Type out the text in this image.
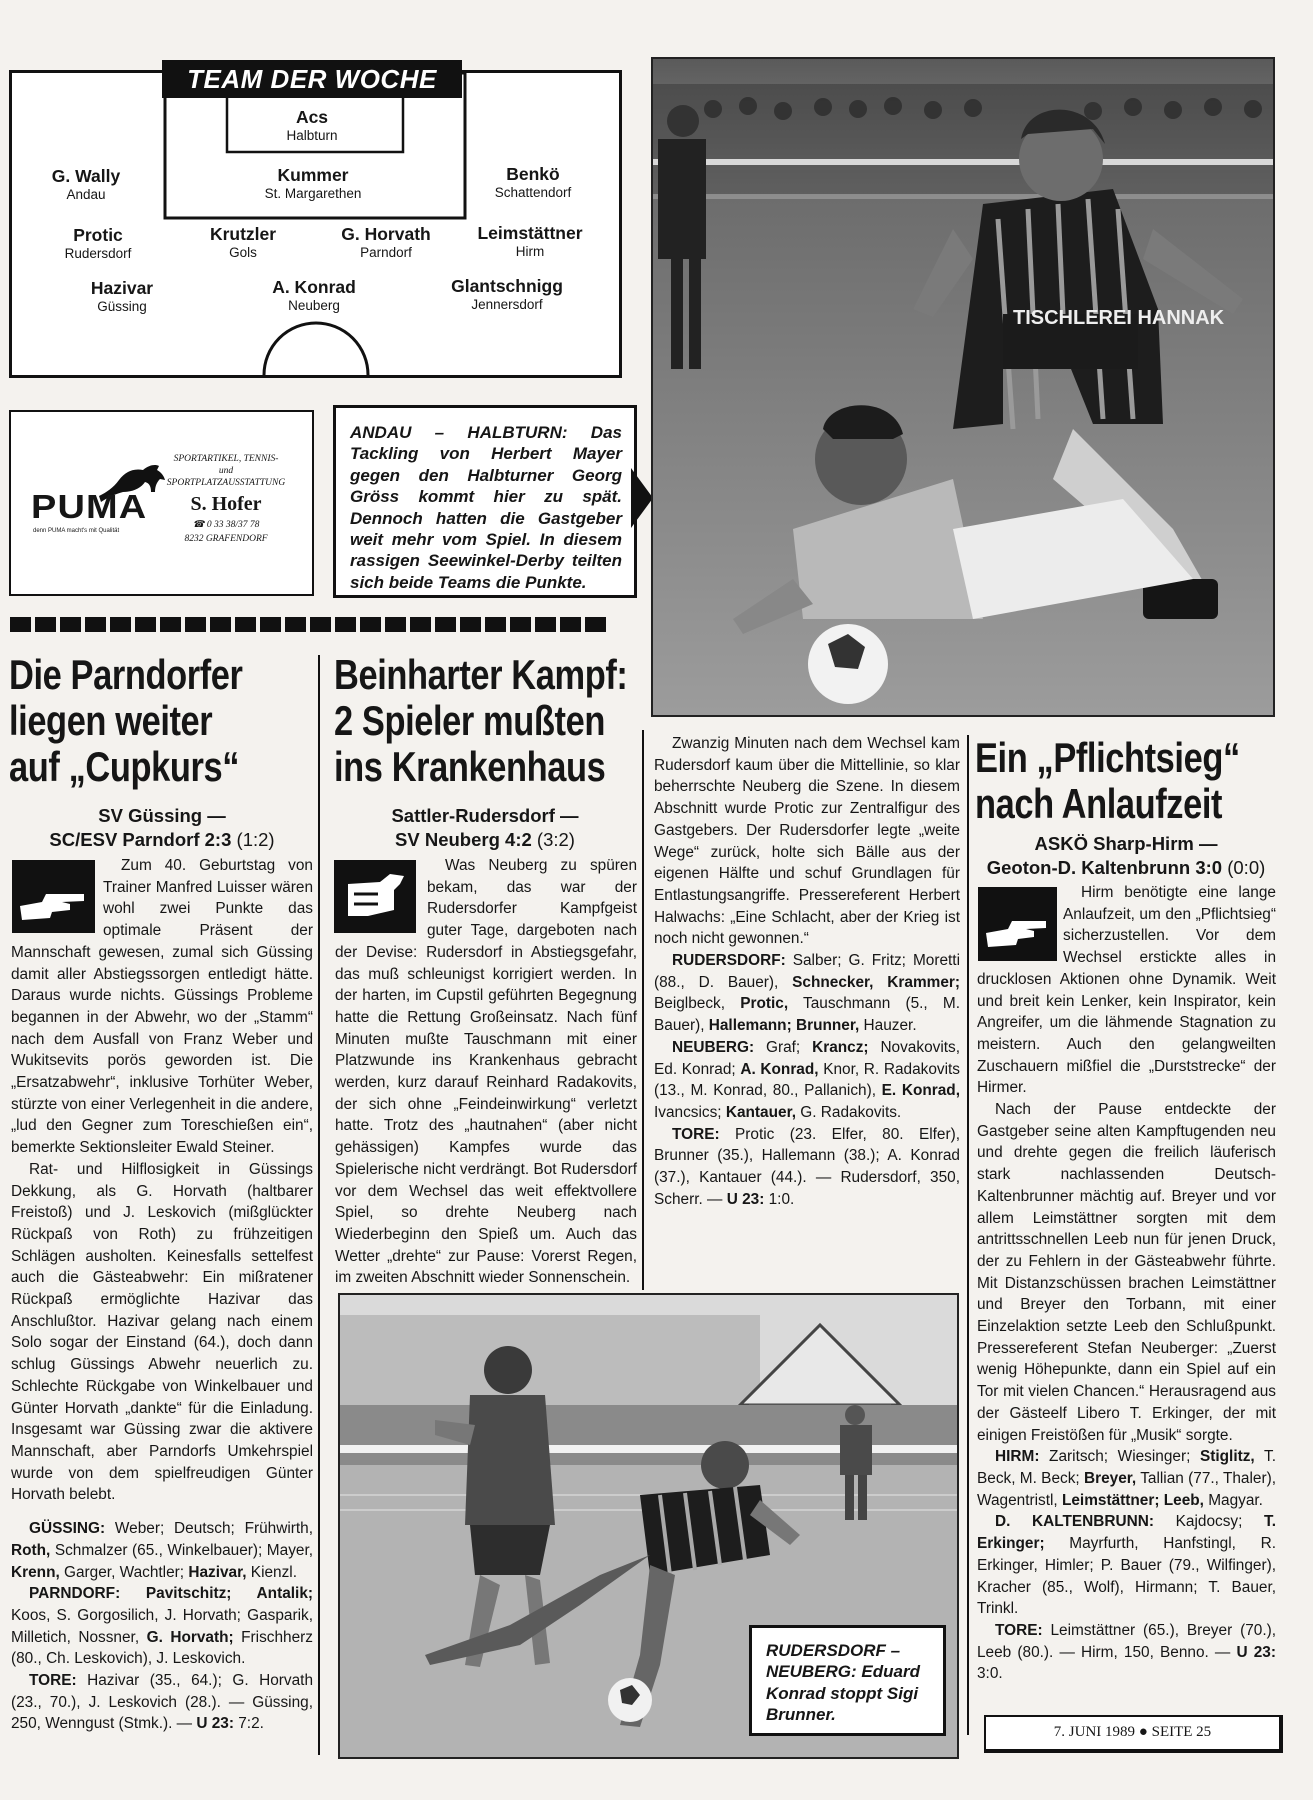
TEAM DER WOCHE
Acs
Halbturn
G. Wally
Andau
Kummer
St. Margarethen
Benkö
Schattendorf
Protic
Rudersdorf
Krutzler
Gols
G. Horvath
Parndorf
Leimstättner
Hirm
Hazivar
Güssing
A. Konrad
Neuberg
Glantschnigg
Jennersdorf
PUMA
denn PUMA macht's mit Qualität
SPORTARTIKEL, TENNIS-
und
SPORTPLATZAUSSTATTUNG
S. Hofer
☎ 0 33 38/37 78
8232 GRAFENDORF
ANDAU – HALBTURN: Das Tackling von Herbert Mayer gegen den Halbturner Georg Gröss kommt hier zu spät. Dennoch hatten die Gastgeber weit mehr vom Spiel. In diesem rassigen Seewinkel-Derby teilten sich beide Teams die Punkte.
TISCHLEREI HANNAK
Die Parndorfer
liegen weiter
auf „Cupkurs“
SV Güssing —
SC/ESV Parndorf 2:3 (1:2)

Zum 40. Geburtstag von Trainer Manfred Luisser wären wohl zwei Punkte das optimale Präsent der Mannschaft gewesen, zumal sich Güssing damit aller Abstiegssorgen entledigt hätte. Daraus wurde nichts. Güssings Probleme begannen in der Abwehr, wo der „Stamm“ nach dem Ausfall von Franz Weber und Wukitsevits porös geworden ist. Die „Ersatzabwehr“, inklusive Torhüter Weber, stürzte von einer Verlegenheit in die andere, „lud den Gegner zum Toreschießen ein“, bemerkte Sektionsleiter Ewald Steiner.

Rat- und Hilflosigkeit in Güssings Dekkung, als G. Horvath (haltbarer Freistoß) und J. Leskovich (mißglückter Rückpaß von Roth) zu frühzeitigen Schlägen ausholten. Keinesfalls settelfest auch die Gästeabwehr: Ein mißratener Rückpaß ermöglichte Hazivar das Anschlußtor. Hazivar gelang nach einem Solo sogar der Einstand (64.), doch dann schlug Güssings Abwehr neuerlich zu. Schlechte Rückgabe von Winkelbauer und Günter Horvath „dankte“ für die Einladung. Insgesamt war Güssing zwar die aktivere Mannschaft, aber Parndorfs Umkehrspiel wurde von dem spielfreudigen Günter Horvath belebt.

GÜSSING: Weber; Deutsch; Frühwirth, Roth, Schmalzer (65., Winkelbauer); Mayer, Krenn, Garger, Wachtler; Hazivar, Kienzl.

PARNDORF: Pavitschitz; Antalik; Koos, S. Gorgosilich, J. Horvath; Gasparik, Milletich, Nossner, G. Horvath; Frischherz (80., Ch. Leskovich), J. Leskovich.

TORE: Hazivar (35., 64.); G. Horvath (23., 70.), J. Leskovich (28.). — Güssing, 250, Wenngust (Stmk.). — U 23: 7:2.

Beinharter Kampf:
2 Spieler mußten
ins Krankenhaus
Sattler-Rudersdorf —
SV Neuberg 4:2 (3:2)

Was Neuberg zu spüren bekam, das war der Rudersdorfer Kampfgeist guter Tage, dargeboten nach der Devise: Rudersdorf in Abstiegsgefahr, das muß schleunigst korrigiert werden. In der harten, im Cupstil geführten Begegnung hatte die Rettung Großeinsatz. Nach fünf Minuten mußte Tauschmann mit einer Platzwunde ins Krankenhaus gebracht werden, kurz darauf Reinhard Radakovits, der sich ohne „Feindeinwirkung“ verletzt hatte. Trotz des „hautnahen“ (aber nicht gehässigen) Kampfes wurde das Spielerische nicht verdrängt. Bot Rudersdorf vor dem Wechsel das weit effektvollere Spiel, so drehte Neuberg nach Wiederbeginn den Spieß um. Auch das Wetter „drehte“ zur Pause: Vorerst Regen, im zweiten Abschnitt wieder Sonnenschein.

Zwanzig Minuten nach dem Wechsel kam Rudersdorf kaum über die Mittellinie, so klar beherrschte Neuberg die Szene. In diesem Abschnitt wurde Protic zur Zentralfigur des Gastgebers. Der Rudersdorfer legte „weite Wege“ zurück, holte sich Bälle aus der eigenen Hälfte und schuf Grundlagen für Entlastungsangriffe. Pressereferent Herbert Halwachs: „Eine Schlacht, aber der Krieg ist noch nicht gewonnen.“

RUDERSDORF: Salber; G. Fritz; Moretti (88., D. Bauer), Schnecker, Krammer; Beiglbeck, Protic, Tauschmann (5., M. Bauer), Hallemann; Brunner, Hauzer.

NEUBERG: Graf; Krancz; Novakovits, Ed. Konrad; A. Konrad, Knor, R. Radakovits (13., M. Konrad, 80., Pallanich), E. Konrad, Ivancsics; Kantauer, G. Radakovits.

TORE: Protic (23. Elfer, 80. Elfer), Brunner (35.), Hallemann (38.); A. Konrad (37.), Kantauer (44.). — Rudersdorf, 350, Scherr. — U 23: 1:0.

RUDERSDORF – NEUBERG: Eduard Konrad stoppt Sigi Brunner.
Ein „Pflichtsieg“
nach Anlaufzeit
ASKÖ Sharp-Hirm —
Geoton-D. Kaltenbrunn 3:0 (0:0)

Hirm benötigte eine lange Anlaufzeit, um den „Pflichtsieg“ sicherzustellen. Vor dem Wechsel erstickte alles in drucklosen Aktionen ohne Dynamik. Weit und breit kein Lenker, kein Inspirator, kein Angreifer, um die lähmende Stagnation zu meistern. Auch den gelangweilten Zuschauern mißfiel die „Durststrecke“ der Hirmer.

Nach der Pause entdeckte der Gastgeber seine alten Kampftugenden neu und drehte gegen die freilich läuferisch stark nachlassenden Deutsch-Kaltenbrunner mächtig auf. Breyer und vor allem Leimstättner sorgten mit dem antrittsschnellen Leeb nun für jenen Druck, der zu Fehlern in der Gästeabwehr führte. Mit Distanzschüssen brachen Leimstättner und Breyer den Torbann, mit einer Einzelaktion setzte Leeb den Schlußpunkt. Pressereferent Stefan Neuberger: „Zuerst wenig Höhepunkte, dann ein Spiel auf ein Tor mit vielen Chancen.“ Herausragend aus der Gästeelf Libero T. Erkinger, der mit einigen Freistößen für „Musik“ sorgte.

HIRM: Zaritsch; Wiesinger; Stiglitz, T. Beck, M. Beck; Breyer, Tallian (77., Thaler), Wagentristl, Leimstättner; Leeb, Magyar.

D. KALTENBRUNN: Kajdocsy; T. Erkinger; Mayrfurth, Hanfstingl, R. Erkinger, Himler; P. Bauer (79., Wilfinger), Kracher (85., Wolf), Hirmann; T. Bauer, Trinkl.

TORE: Leimstättner (65.), Breyer (70.), Leeb (80.). — Hirm, 150, Benno. — U 23: 3:0.

7. JUNI 1989 ● SEITE 25
